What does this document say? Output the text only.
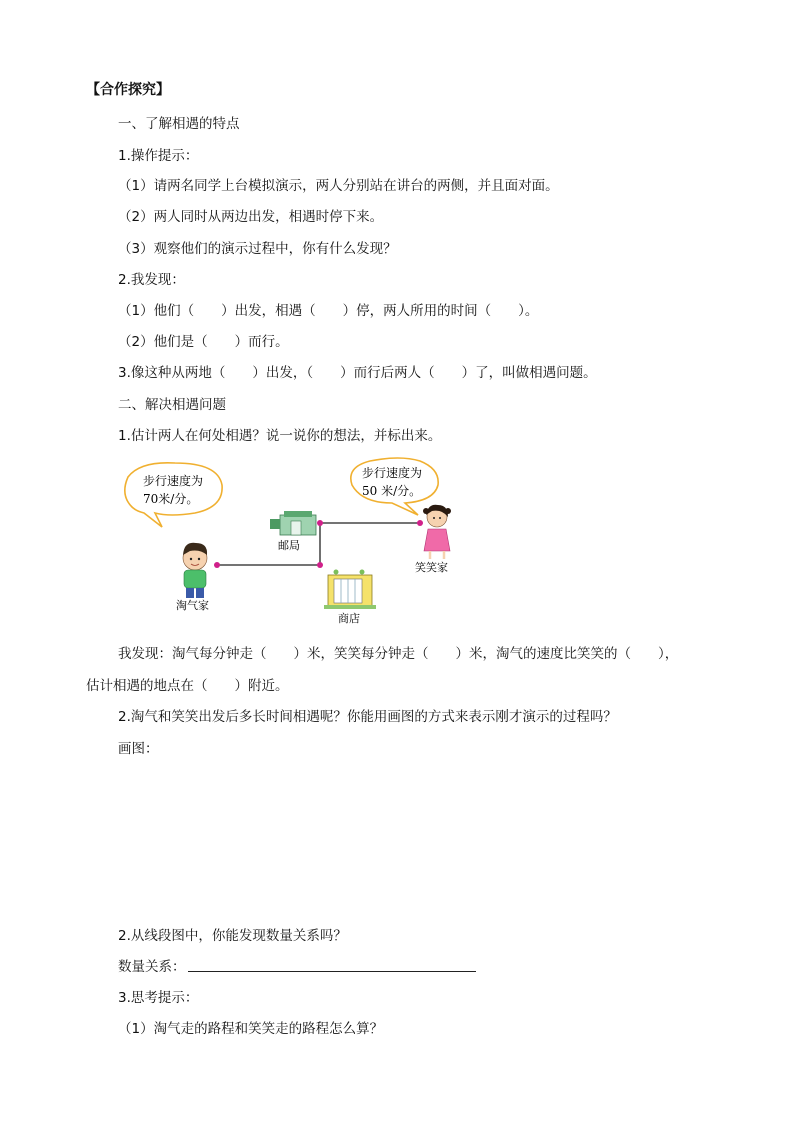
【合作探究】
一、了解相遇的特点
1.操作提示：
（1）请两名同学上台模拟演示，两人分别站在讲台的两侧，并且面对面。
（2）两人同时从两边出发，相遇时停下来。
（3）观察他们的演示过程中，你有什么发现？
2.我发现：
（1）他们（　　）出发，相遇（　　）停，两人所用的时间（　　）。
（2）他们是（　　）而行。
3.像这种从两地（　　）出发，（　　）而行后两人（　　）了，叫做相遇问题。
二、解决相遇问题
1.估计两人在何处相遇？说一说你的想法，并标出来。
步行速度为
70米/分。
步行速度为
50 米/分。
邮局
商店
淘气家
笑笑家
我发现：淘气每分钟走（　　）米，笑笑每分钟走（　　）米，淘气的速度比笑笑的（　　），
估计相遇的地点在（　　）附近。
2.淘气和笑笑出发后多长时间相遇呢？你能用画图的方式来表示刚才演示的过程吗？
画图：
2.从线段图中，你能发现数量关系吗？
数量关系：
3.思考提示：
（1）淘气走的路程和笑笑走的路程怎么算？
